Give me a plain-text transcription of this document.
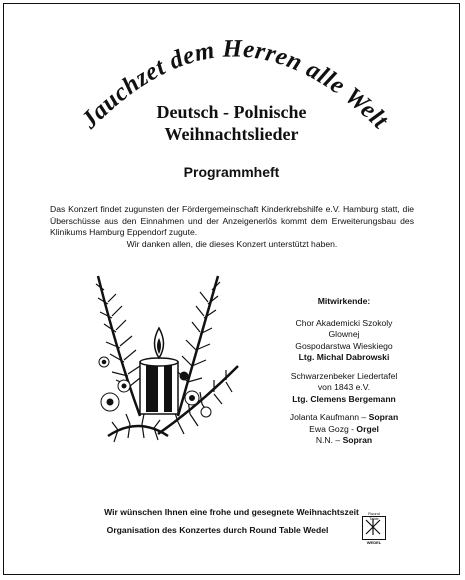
Jauchzet dem Herren alle Welt
Deutsch - Polnische
Weihnachtslieder
Programmheft
Das Konzert findet zugunsten der Fördergemeinschaft Kinderkrebshilfe e.V. Hamburg statt, die Überschüsse aus den Einnahmen und der Anzeigenerlös kommt dem Erweiterungsbau des Klinikums Hamburg Eppendorf zugute.
Wir danken allen, die dieses Konzert unterstützt haben.
Mitwirkende:
Chor Akademicki Szokoly
Glownej
Gospodarstwa Wieskiego
Ltg. Michal Dabrowski
Schwarzenbeker Liedertafel
von 1843 e.V.
Ltg. Clemens Bergemann
Jolanta Kaufmann – Sopran
Ewa Gozg - Orgel
N.N. – Sopran
Wir wünschen Ihnen eine frohe und gesegnete Weihnachtszeit
Organisation des Konzertes durch Round Table Wedel
Round Table
WEDEL
